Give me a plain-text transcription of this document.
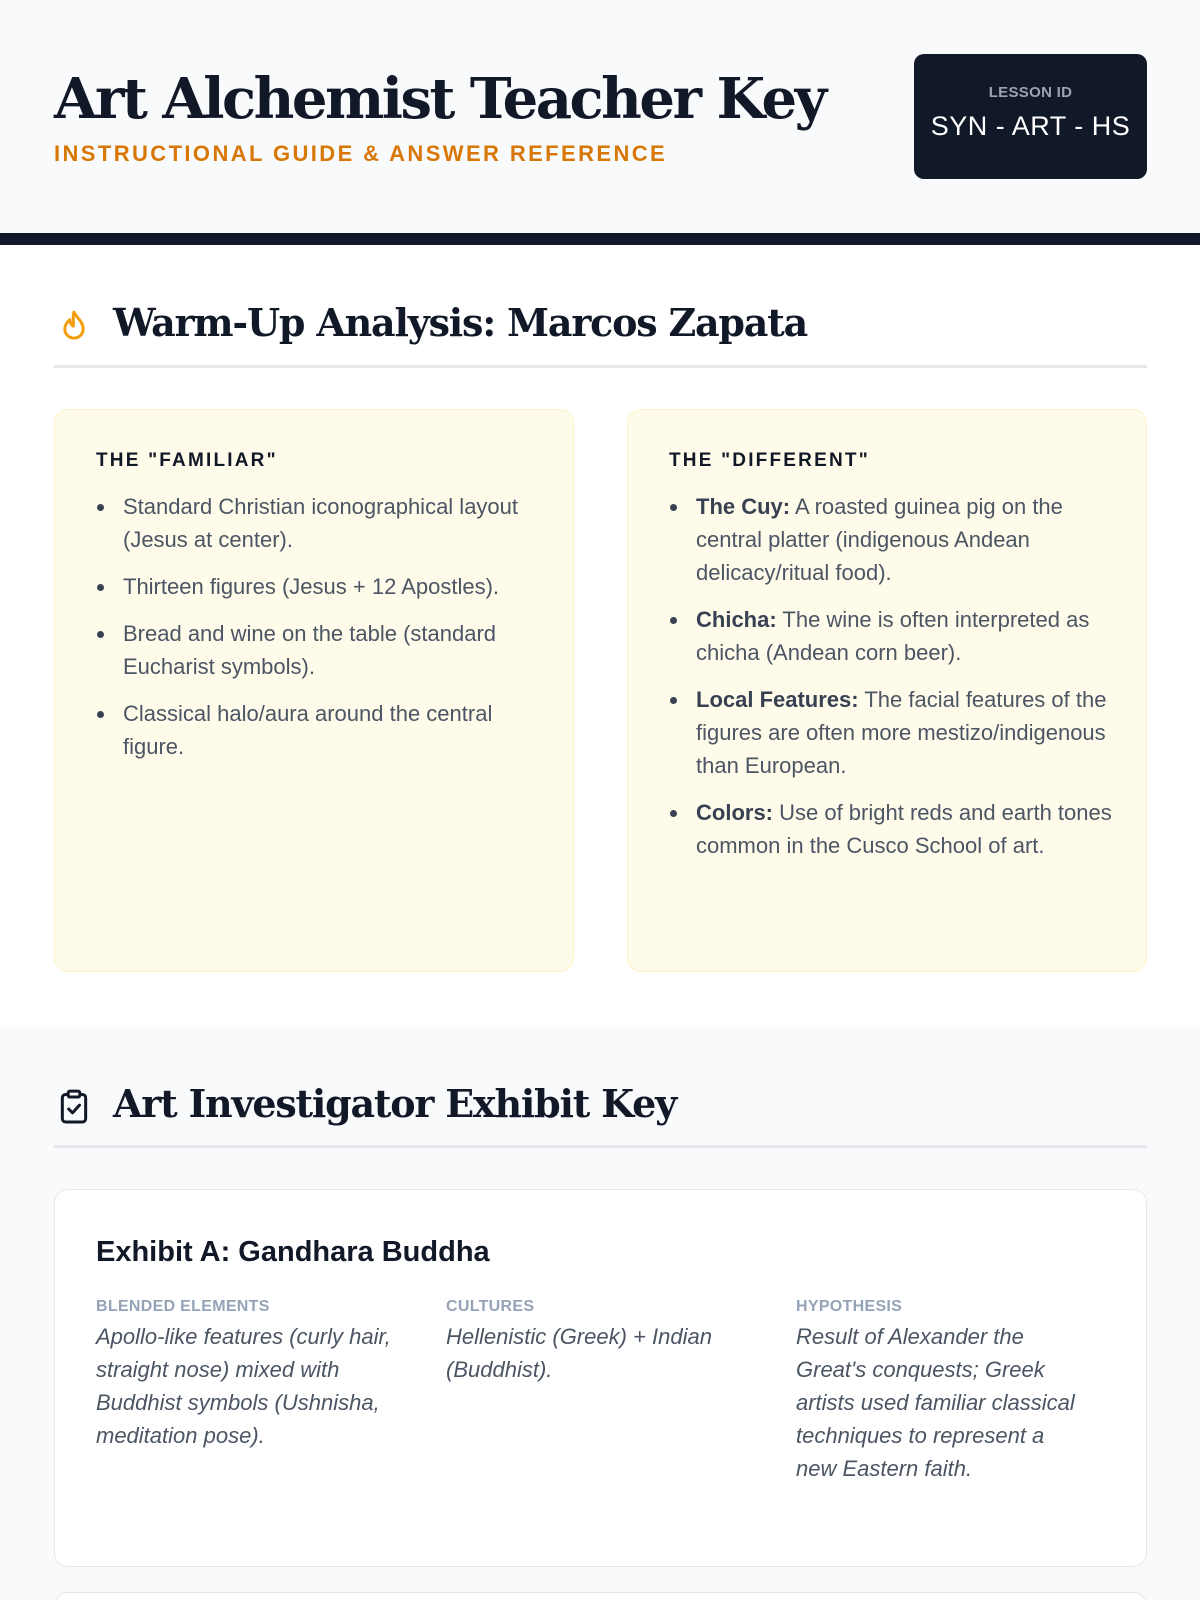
Art Alchemist Teacher Key
INSTRUCTIONAL GUIDE & ANSWER REFERENCE
LESSON ID
SYN - ART - HS
Warm-Up Analysis: Marcos Zapata
THE "FAMILIAR"
Standard Christian iconographical layout (Jesus at center).
Thirteen figures (Jesus + 12 Apostles).
Bread and wine on the table (standard Eucharist symbols).
Classical halo/aura around the central figure.
THE "DIFFERENT"
The Cuy: A roasted guinea pig on the central platter (indigenous Andean delicacy/ritual food).
Chicha: The wine is often interpreted as chicha (Andean corn beer).
Local Features: The facial features of the figures are often more mestizo/indigenous than European.
Colors: Use of bright reds and earth tones common in the Cusco School of art.
Art Investigator Exhibit Key
Exhibit A: Gandhara Buddha
BLENDED ELEMENTS
Apollo-like features (curly hair, straight nose) mixed with Buddhist symbols (Ushnisha, meditation pose).
CULTURES
Hellenistic (Greek) + Indian (Buddhist).
HYPOTHESIS
Result of Alexander the Great's conquests; Greek artists used familiar classical techniques to represent a new Eastern faith.
